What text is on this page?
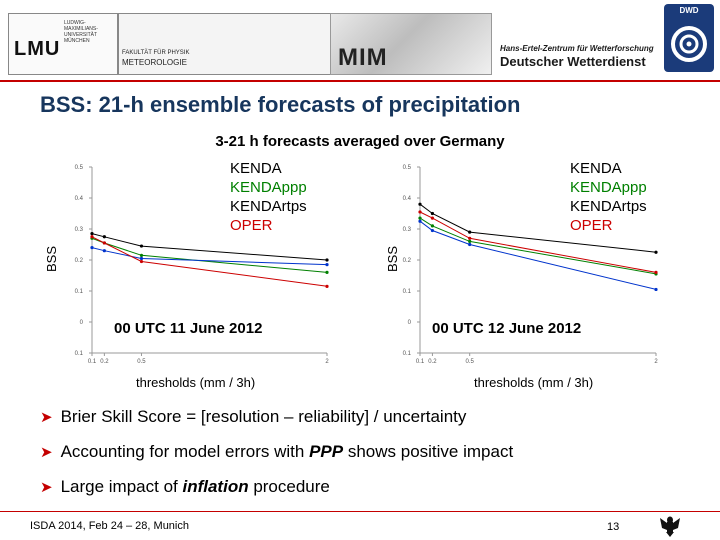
LMU
LUDWIG- MAXIMILIANS- UNIVERSITÄT MÜNCHEN
FAKULTÄT FÜR PHYSIK
METEOROLOGIE	MIM	Hans-Ertel-Zentrum für Wetterforschung
Deutscher Wetterdienst
DWD
BSS: 21-h ensemble forecasts of precipitation
3-21 h forecasts averaged over Germany
0.1
0
0.1
0.2
0.3
0.4
0.5
0.1 0.2	0.5	2
0.1
0
0.1
0.2
0.3
0.4
0.5
0.1 0.2	0.5	2
BSS
KENDA
KENDAppp
KENDArtps
OPER
00 UTC 11 June 2012
thresholds (mm / 3h)
BSS
KENDA
KENDAppp
KENDArtps
OPER
00 UTC 12 June 2012
thresholds (mm / 3h)
➤ Brier Skill Score = [resolution – reliability] / uncertainty
➤ Accounting for model errors with PPP shows positive impact
➤ Large impact of inflation procedure
ISDA 2014, Feb 24 – 28, Munich	13
